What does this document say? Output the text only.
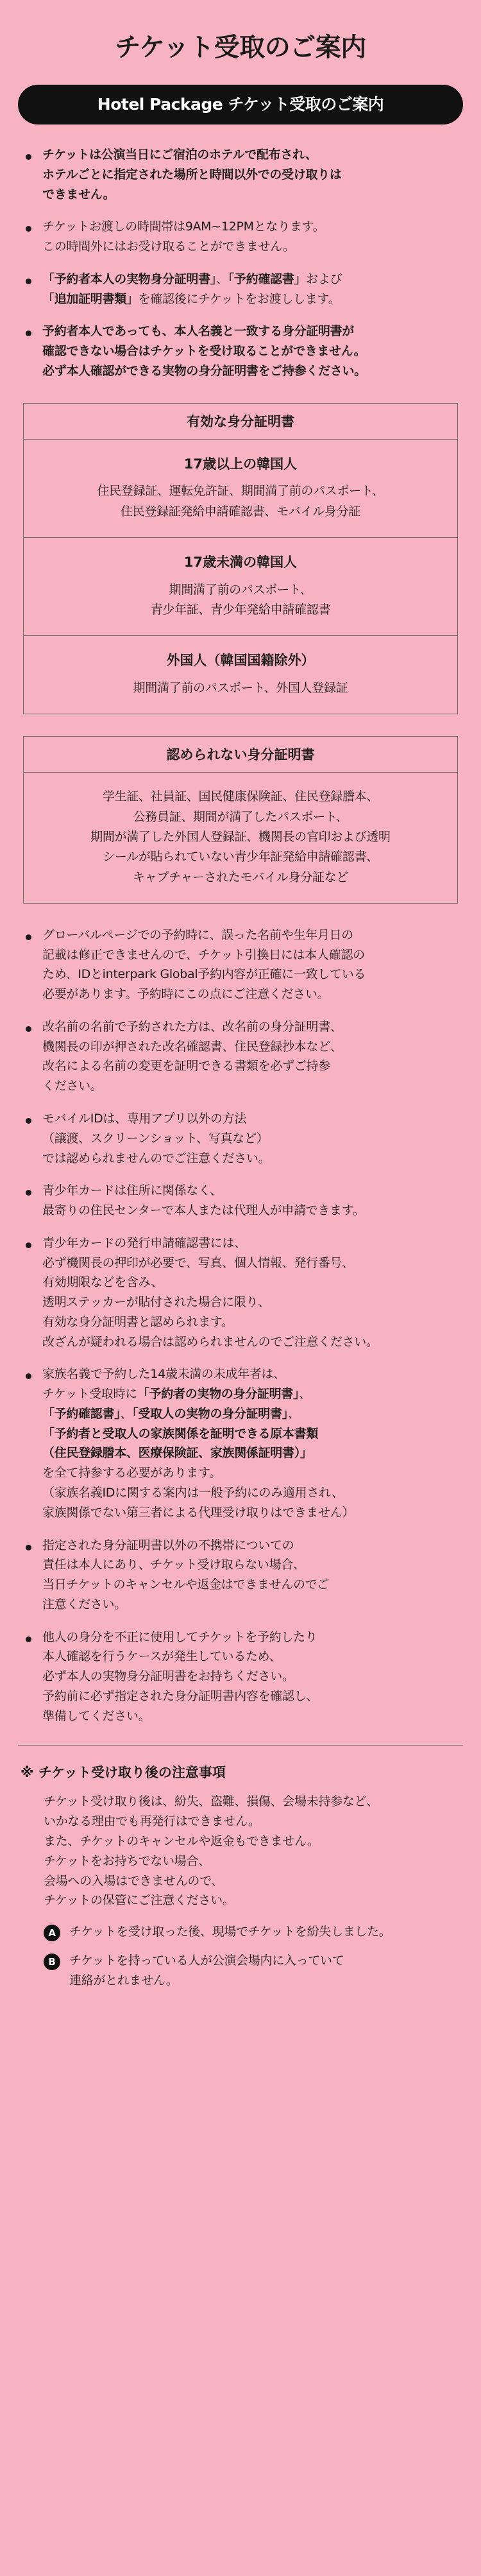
チケット受取のご案内
Hotel Package チケット受取のご案内
チケットは公演当日にご宿泊のホテルで配布され、
ホテルごとに指定された場所と時間以外での受け取りは
できません。
チケットお渡しの時間帯は9AM~12PMとなります。
この時間外にはお受け取ることができません。
「予約者本人の実物身分証明書」、「予約確認書」および
「追加証明書類」を確認後にチケットをお渡しします。
予約者本人であっても、本人名義と一致する身分証明書が
確認できない場合はチケットを受け取ることができません。
必ず本人確認ができる実物の身分証明書をご持参ください。
有効な身分証明書
17歳以上の韓国人
住民登録証、運転免許証、期間満了前のパスポート、
住民登録証発給申請確認書、モバイル身分証
17歳未満の韓国人
期間満了前のパスポート、
青少年証、青少年発給申請確認書
外国人（韓国国籍除外）
期間満了前のパスポート、外国人登録証
認められない身分証明書
学生証、社員証、国民健康保険証、住民登録謄本、
公務員証、期間が満了したパスポート、
期間が満了した外国人登録証、機関長の官印および透明
シールが貼られていない青少年証発給申請確認書、
キャプチャーされたモバイル身分証など
グローバルページでの予約時に、誤った名前や生年月日の
記載は修正できませんので、チケット引換日には本人確認の
ため、IDとinterpark Global予約内容が正確に一致している
必要があります。予約時にこの点にご注意ください。
改名前の名前で予約された方は、改名前の身分証明書、
機関長の印が押された改名確認書、住民登録抄本など、
改名による名前の変更を証明できる書類を必ずご持参
ください。
モバイルIDは、専用アプリ以外の方法
（譲渡、スクリーンショット、写真など）
では認められませんのでご注意ください。
青少年カードは住所に関係なく、
最寄りの住民センターで本人または代理人が申請できます。
青少年カードの発行申請確認書には、
必ず機関長の押印が必要で、写真、個人情報、発行番号、
有効期限などを含み、
透明ステッカーが貼付された場合に限り、
有効な身分証明書と認められます。
改ざんが疑われる場合は認められませんのでご注意ください。
家族名義で予約した14歳未満の未成年者は、
チケット受取時に「予約者の実物の身分証明書」、
「予約確認書」、「受取人の実物の身分証明書」、
「予約者と受取人の家族関係を証明できる原本書類
（住民登録謄本、医療保険証、家族関係証明書）」
を全て持参する必要があります。
（家族名義IDに関する案内は一般予約にのみ適用され、
家族関係でない第三者による代理受け取りはできません）
指定された身分証明書以外の不携帯についての
責任は本人にあり、チケット受け取らない場合、
当日チケットのキャンセルや返金はできませんのでご
注意ください。
他人の身分を不正に使用してチケットを予約したり
本人確認を行うケースが発生しているため、
必ず本人の実物身分証明書をお持ちください。
予約前に必ず指定された身分証明書内容を確認し、
準備してください。
※ チケット受け取り後の注意事項
チケット受け取り後は、紛失、盗難、損傷、会場未持参など、
いかなる理由でも再発行はできません。
また、チケットのキャンセルや返金もできません。
チケットをお持ちでない場合、
会場への入場はできませんので、
チケットの保管にご注意ください。
A	チケットを受け取った後、現場でチケットを紛失しました。
B	チケットを持っている人が公演会場内に入っていて
連絡がとれません。
